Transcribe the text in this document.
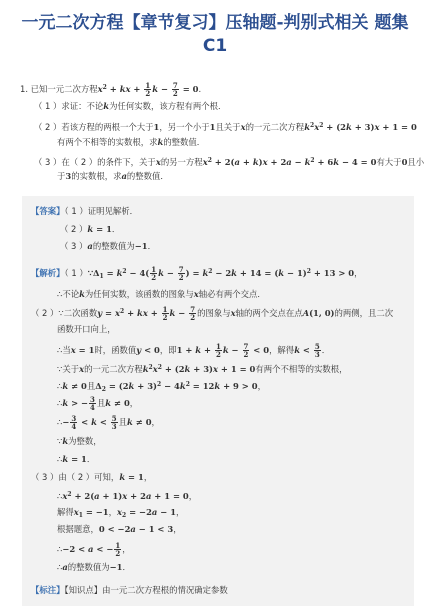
一元二次方程【章节复习】压轴题-判别式相关 题集
C1
1. 已知一元二次方程$x^2$ + kx + $\frac{1}{2}$ $k - \frac{7}{2} = 0$.
（ 1 ）求证：不论k为任何实数，该方程有两个根．
（ 2 ）若该方程的两根一个大于1，另一个小于1且关于x的一元二次方程$k^2x^2 + (2k + 3)x + 1 = 0$
有两个不相等的实数根，求k的整数值．
（ 3 ）在（ 2 ）的条件下，关于x的另一方程$x^2 + 2(a + k)x + 2a - k^2 + 6k - 4 = 0$有大于0且小
于3的实数根，求a的整数值．
【答案】（ 1 ）证明见解析．
（ 2 ）k = 1．
（ 3 ）a的整数值为−1．
【解析】（ 1 ）$\because\Delta_1 = k^2 - 4( \frac{1}{2}$ $k - \frac{7}{2}$ ) = $k^2 - 2k + 14 = (k - 1)^2 + 13 > 0$，
∴不论k为任何实数，该函数的图象与x轴必有两个交点．
（ 2 ）∵二次函数$y = x^2$ + kx + $\frac{1}{2}$ $k - \frac{7}{2}$ 的图象与x轴的两个交点在点A(1, 0)的两侧，且二次
函数开口向上，
∴当x = 1时，函数值y < 0，即$1 + k + \frac{1}{2}$ $k - \frac{7}{2} < 0$，解得$k < \frac{5}{3}$ ．
∵关于x的一元二次方程$k^2x^2 + (2k + 3)x + 1 = 0$有两个不相等的实数根，
∴k ≠ 0且$\Delta_2 = (2k + 3)^2 - 4k^2 = 12k + 9 > 0$，
∴k > − $\frac{3}{4}$ 且k ≠ 0，
∴− $\frac{3}{4} < k < \frac{5}{3}$ 且k ≠ 0，
∵k为整数，
∴k = 1．
（ 3 ）由（ 2 ）可知，k = 1，
$\therefore x^2 + 2(a + 1)x + 2a + 1 = 0$，
解得$x_1 = -1$，$x_2 = -2a - 1$，
根据题意，0 < −2a − 1 < 3，
∴−2 < a < − $\frac{1}{2}$ ，
∴a的整数值为−1．
【标注】【知识点】由一元二次方程根的情况确定参数
